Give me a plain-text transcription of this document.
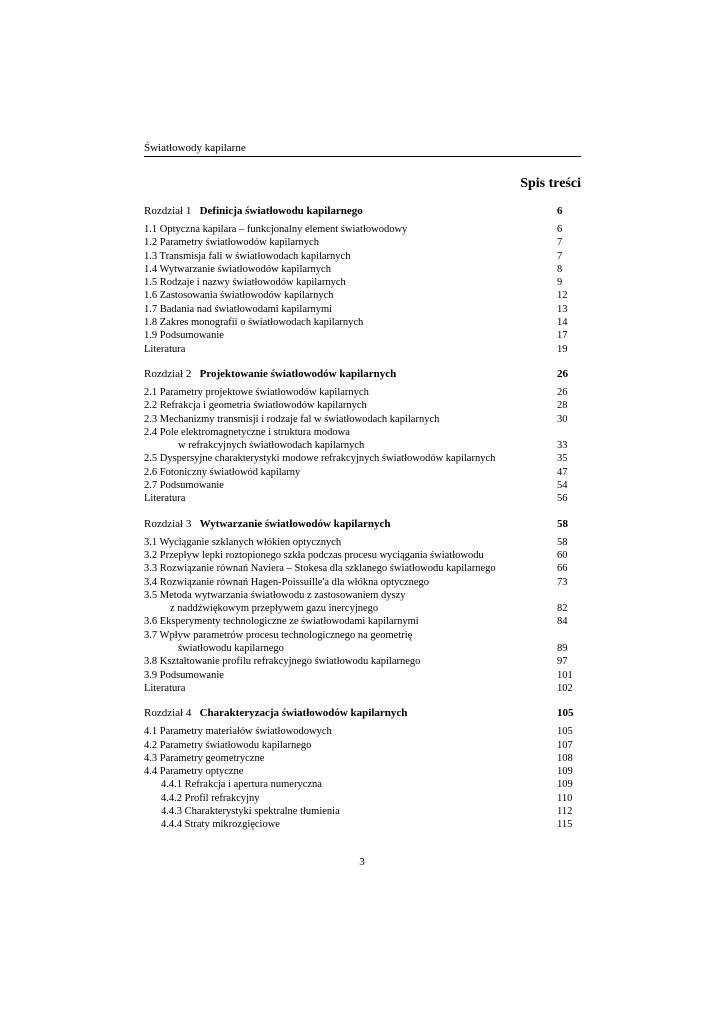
Światłowody kapilarne
Spis treści
Rozdział 1 Definicja światłowodu kapilarnego	6
1.1 Optyczna kapilara – funkcjonalny element światłowodowy	6
1.2 Parametry światłowodów kapilarnych	7
1.3 Transmisja fali w światłowodach kapilarnych	7
1.4 Wytwarzanie światłowodów kapilarnych	8
1.5 Rodzaje i nazwy światłowodów kapilarnych	9
1.6 Zastosowania światłowodów kapilarnych	12
1.7 Badania nad światłowodami kapilarnymi	13
1.8 Zakres monografii o światłowodach kapilarnych	14
1.9 Podsumowanie	17
Literatura	19
Rozdział 2 Projektowanie światłowodów kapilarnych	26
2.1 Parametry projektowe światłowodów kapilarnych	26
2.2 Refrakcja i geometria światłowodów kapilarnych	28
2.3 Mechanizmy transmisji i rodzaje fal w światłowodach kapilarnych	30
2.4 Pole elektromagnetyczne i struktura modowa
w refrakcyjnych światłowodach kapilarnych	33
2.5 Dyspersyjne charakterystyki modowe refrakcyjnych światłowodów kapilarnych	35
2.6 Fotoniczny światłowód kapilarny	47
2.7 Podsumowanie	54
Literatura	56
Rozdział 3 Wytwarzanie światłowodów kapilarnych	58
3.1 Wyciąganie szklanych włókien optycznych	58
3.2 Przepływ lepki roztopionego szkła podczas procesu wyciągania światłowodu	60
3.3 Rozwiązanie równań Naviera – Stokesa dla szklanego światłowodu kapilarnego	66
3.4 Rozwiązanie równań Hagen-Poissuille'a dla włókna optycznego	73
3.5 Metoda wytwarzania światłowodu z zastosowaniem dyszy
z naddźwiękowym przepływem gazu inercyjnego	82
3.6 Eksperymenty technologiczne ze światłowodami kapilarnymi	84
3.7 Wpływ parametrów procesu technologicznego na geometrię
światłowodu kapilarnego	89
3.8 Kształtowanie profilu refrakcyjnego światłowodu kapilarnego	97
3.9 Podsumowanie	101
Literatura	102
Rozdział 4 Charakteryzacja światłowodów kapilarnych	105
4.1 Parametry materiałów światłowodowych	105
4.2 Parametry światłowodu kapilarnego	107
4.3 Parametry geometryczne	108
4.4 Parametry optyczne	109
4.4.1 Refrakcja i apertura numeryczna	109
4.4.2 Profil refrakcyjny	110
4.4.3 Charakterystyki spektralne tłumienia	112
4.4.4 Straty mikrozgięciowe	115
3
